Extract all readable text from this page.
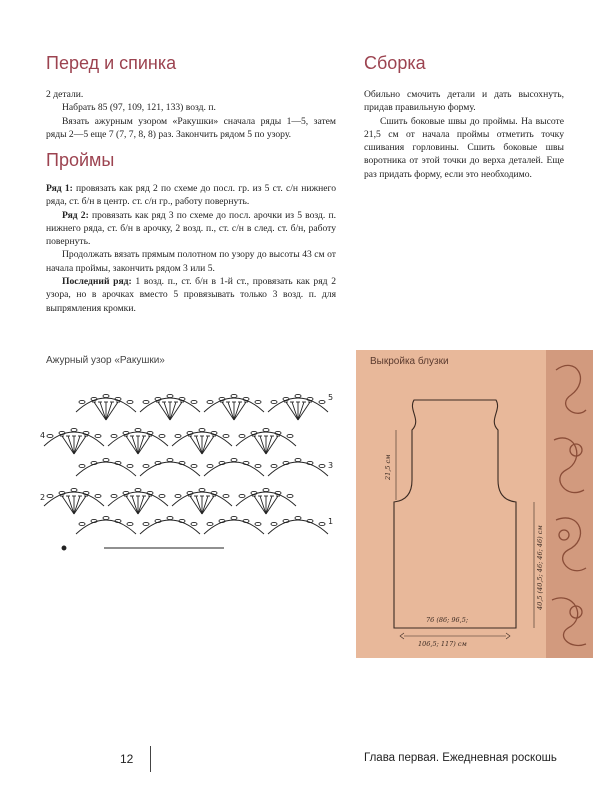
Перед и спинка

2 детали.

Набрать 85 (97, 109, 121, 133) возд. п.

Вязать ажурным узором «Ракушки» сначала ряды 1—5, затем ряды 2—5 еще 7 (7, 7, 8, 8) раз. Закончить рядом 5 по узору.

Проймы

Ряд 1: провязать как ряд 2 по схеме до посл. гр. из 5 ст. с/н нижнего ряда, ст. б/н в центр. ст. с/н гр., работу повернуть.

Ряд 2: провязать как ряд 3 по схеме до посл. арочки из 5 возд. п. нижнего ряда, ст. б/н в арочку, 2 возд. п., ст. с/н в след. ст. б/н, работу повернуть.

Продолжать вязать прямым полотном по узору до высоты 43 см от начала проймы, закончить рядом 3 или 5.

Последний ряд: 1 возд. п., ст. б/н в 1-й ст., провязать как ряд 2 узора, но в арочках вместо 5 провязывать только 3 возд. п. для выпрямления кромки.

Сборка

Обильно смочить детали и дать высохнуть, придав правильную форму.

Сшить боковые швы до проймы. На высоте 21,5 см от начала проймы отметить точку сшивания горловины. Сшить боковые швы воротника от этой точки до верха деталей. Еще раз придать форму, если это необходимо.

Ажурный узор «Ракушки»
1
2
3
4
5
Выкройка блузки
21,5 см
40,5 (40,5; 46; 46; 46) см
76 (86; 96,5;
106,5; 117) см
12	Глава первая. Ежедневная роскошь
